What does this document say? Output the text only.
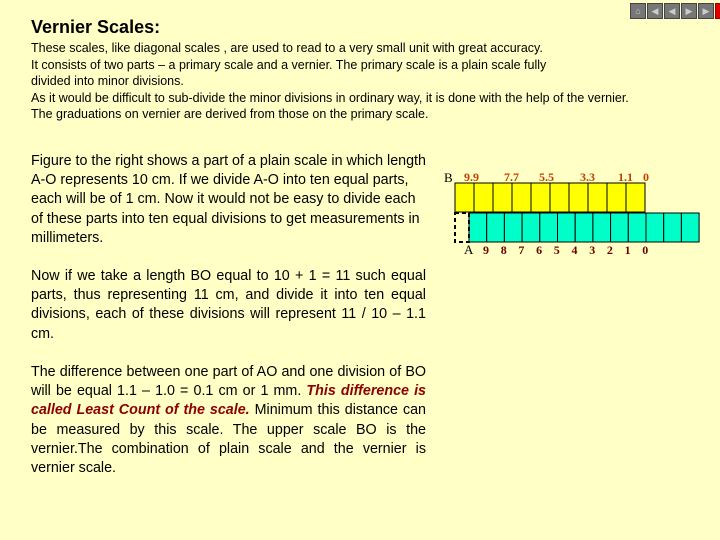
⌂	◀	◀	▶	▶
Vernier Scales:
These scales, like diagonal scales , are used to read to a very small unit with great accuracy.
It consists of two parts – a primary scale and a vernier. The primary scale is a plain scale fully
divided into minor divisions.
As it would be difficult to sub-divide the minor divisions in ordinary way, it is done with the help of the vernier.
The graduations on vernier are derived from those on the primary scale.
Figure to the right shows a part of a plain scale in which length A-O represents 10 cm. If we divide A-O into ten equal parts, each will be of 1 cm. Now it would not be easy to divide each of these parts into ten equal divisions to get measurements in millimeters.
Now if we take a length BO equal to 10 + 1 = 11 such equal parts, thus representing 11 cm, and divide it into ten equal divisions, each of these divisions will represent 11 / 10 – 1.1 cm.
The difference between one part of AO and one division of BO will be equal 1.1 – 1.0 = 0.1 cm or 1 mm. This difference is called Least Count of the scale. Minimum this distance can be measured by this scale. The upper scale BO is the vernier.The combination of plain scale and the vernier is vernier scale.
B
A
9.9 7.7 5.5 3.3 1.1 0
9 8 7 6 5 4 3 2 1 0
